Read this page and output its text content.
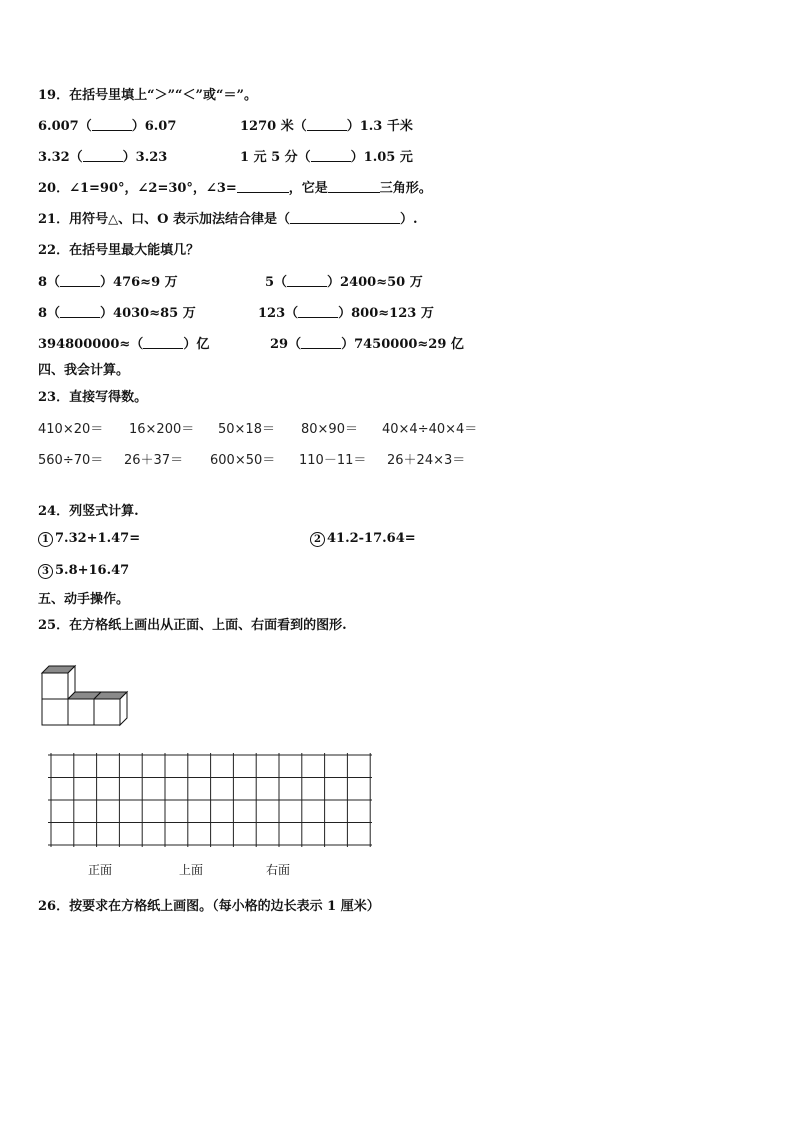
19．在括号里填上“＞”“＜”或“＝”。
6.007（	）6.07	1270 米（	）1.3 千米
3.32（	）3.23	1 元 5 分（	）1.05 元
20．∠1=90°，∠2=30°，∠3=	，它是	三角形。
21．用符号△、口、O 表示加法结合律是（	）.
22．在括号里最大能填几？
8（	）476≈9 万	5（	）2400≈50 万
8（	）4030≈85 万	123（	）800≈123 万
394800000≈（	）亿	29（	）7450000≈29 亿
四、我会计算。
23．直接写得数。
410×20＝ 16×200＝ 50×18＝ 80×90＝ 40×4÷40×4＝
560÷70＝ 26＋37＝ 600×50＝ 110－11＝ 26＋24×3＝
24．列竖式计算.
1 7.32+1.47=	2 41.2-17.64=
3 5.8+16.47
五、动手操作。
25．在方格纸上画出从正面、上面、右面看到的图形.
正面	上面	右面
26．按要求在方格纸上画图。（每小格的边长表示 1 厘米）
